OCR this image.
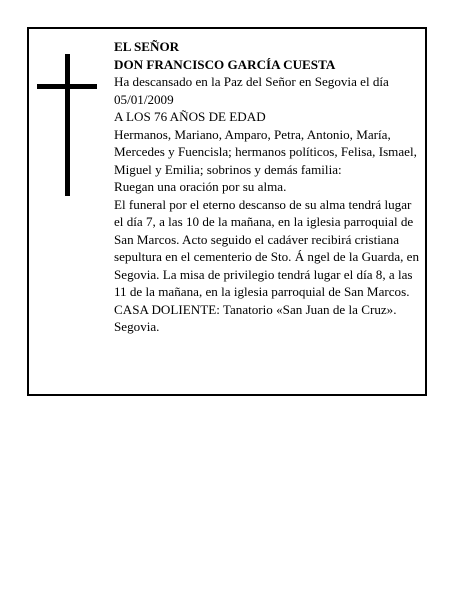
EL SEÑOR

DON FRANCISCO GARCÍA CUESTA

Ha descansado en la Paz del Señor en Segovia el día 05/01/2009

A LOS 76 AÑOS DE EDAD

Hermanos, Mariano, Amparo, Petra, Antonio, María, Mercedes y Fuencisla; hermanos políticos, Felisa, Ismael, Miguel y Emilia; sobrinos y demás familia:

Ruegan una oración por su alma.

El funeral por el eterno descanso de su alma tendrá lugar el día 7, a las 10 de la mañana, en la iglesia parroquial de San Marcos. Acto seguido el cadáver recibirá cristiana sepultura en el cementerio de Sto. Á ngel de la Guarda, en Segovia. La misa de privilegio tendrá lugar el día 8, a las 11 de la mañana, en la iglesia parroquial de San Marcos.

CASA DOLIENTE: Tanatorio «San Juan de la Cruz». Segovia.
